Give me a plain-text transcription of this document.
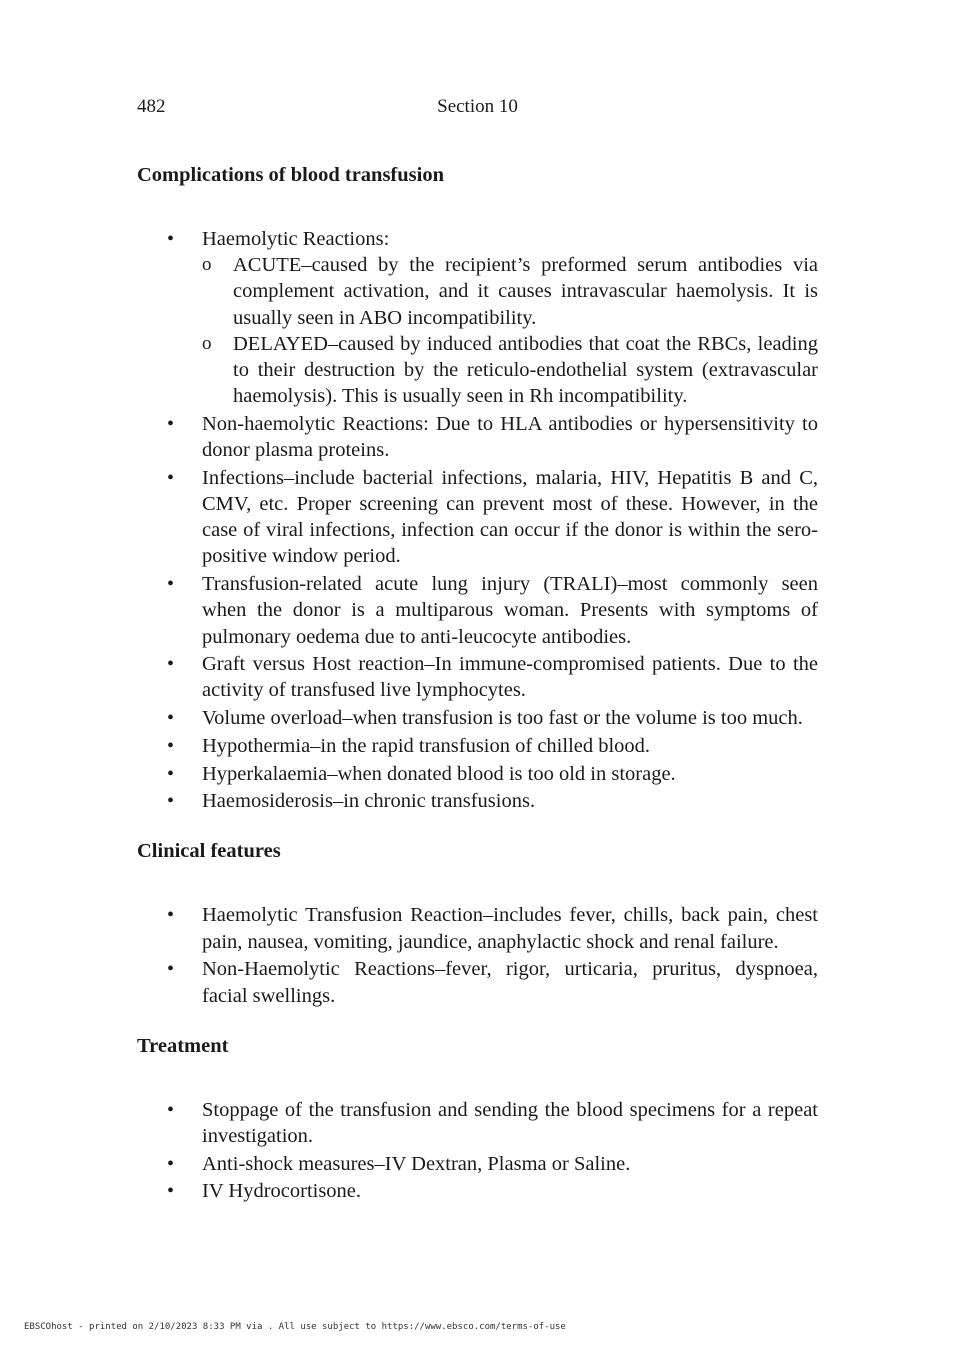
482	Section 10
Complications of blood transfusion
• Haemolytic Reactions:
o ACUTE–caused by the recipient’s preformed serum antibodies via complement activation, and it causes intravascular haemolysis. It is usually seen in ABO incompatibility.
o DELAYED–caused by induced antibodies that coat the RBCs, leading to their destruction by the reticulo-endothelial system (extravascular haemolysis). This is usually seen in Rh incompatibility.
• Non-haemolytic Reactions: Due to HLA antibodies or hypersensitivity to donor plasma proteins.
• Infections–include bacterial infections, malaria, HIV, Hepatitis B and C, CMV, etc. Proper screening can prevent most of these. However, in the case of viral infections, infection can occur if the donor is within the sero-positive window period.
• Transfusion-related acute lung injury (TRALI)–most commonly seen when the donor is a multiparous woman. Presents with symptoms of pulmonary oedema due to anti-leucocyte antibodies.
• Graft versus Host reaction–In immune-compromised patients. Due to the activity of transfused live lymphocytes.
• Volume overload–when transfusion is too fast or the volume is too much.
• Hypothermia–in the rapid transfusion of chilled blood.
• Hyperkalaemia–when donated blood is too old in storage.
• Haemosiderosis–in chronic transfusions.
Clinical features
• Haemolytic Transfusion Reaction–includes fever, chills, back pain, chest pain, nausea, vomiting, jaundice, anaphylactic shock and renal failure.
• Non-Haemolytic Reactions–fever, rigor, urticaria, pruritus, dyspnoea, facial swellings.
Treatment
• Stoppage of the transfusion and sending the blood specimens for a repeat investigation.
• Anti-shock measures–IV Dextran, Plasma or Saline.
• IV Hydrocortisone.
EBSCOhost - printed on 2/10/2023 8:33 PM via . All use subject to https://www.ebsco.com/terms-of-use
